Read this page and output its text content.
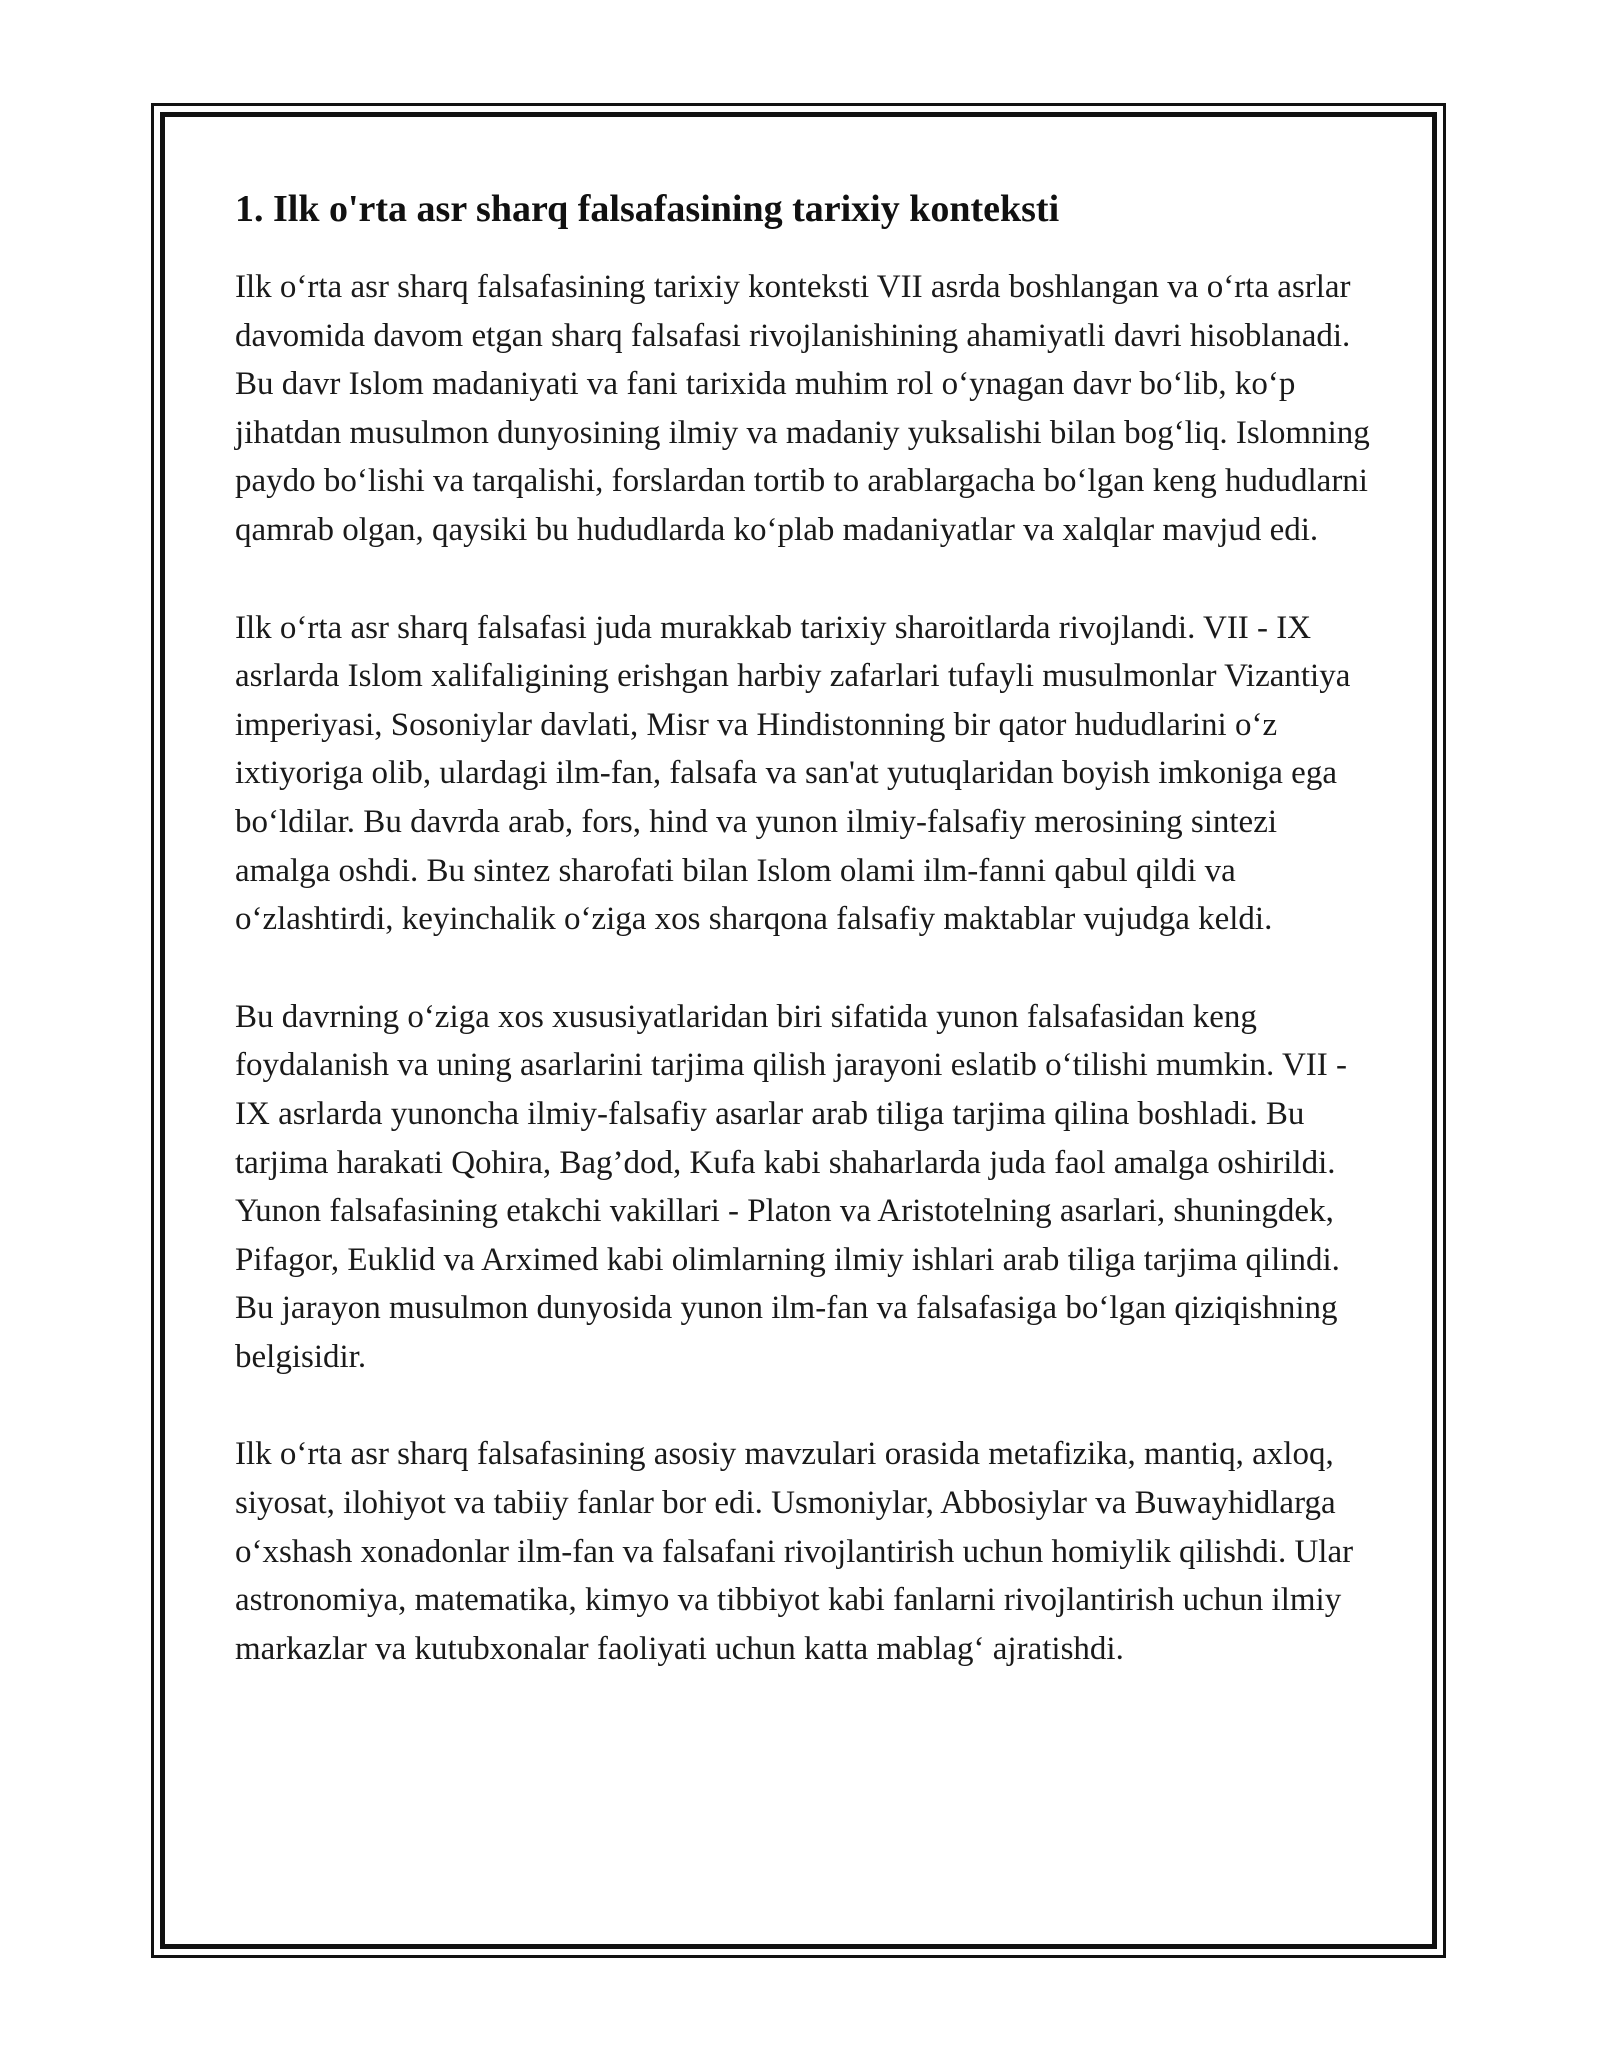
1. Ilk o'rta asr sharq falsafasining tarixiy konteksti

Ilk o‘rta asr sharq falsafasining tarixiy konteksti VII asrda boshlangan va o‘rta asrlar davomida davom etgan sharq falsafasi rivojlanishining ahamiyatli davri hisoblanadi. Bu davr Islom madaniyati va fani tarixida muhim rol o‘ynagan davr bo‘lib, ko‘p jihatdan musulmon dunyosining ilmiy va madaniy yuksalishi bilan bog‘liq. Islomning paydo bo‘lishi va tarqalishi, forslardan tortib to arablargacha bo‘lgan keng hududlarni qamrab olgan, qaysiki bu hududlarda ko‘plab madaniyatlar va xalqlar mavjud edi.

Ilk o‘rta asr sharq falsafasi juda murakkab tarixiy sharoitlarda rivojlandi. VII - IX asrlarda Islom xalifaligining erishgan harbiy zafarlari tufayli musulmonlar Vizantiya imperiyasi, Sosoniylar davlati, Misr va Hindistonning bir qator hududlarini o‘z ixtiyoriga olib, ulardagi ilm-fan, falsafa va san'at yutuqlaridan boyish imkoniga ega bo‘ldilar. Bu davrda arab, fors, hind va yunon ilmiy-falsafiy merosining sintezi amalga oshdi. Bu sintez sharofati bilan Islom olami ilm-fanni qabul qildi va o‘zlashtirdi, keyinchalik o‘ziga xos sharqona falsafiy maktablar vujudga keldi.

Bu davrning o‘ziga xos xususiyatlaridan biri sifatida yunon falsafasidan keng foydalanish va uning asarlarini tarjima qilish jarayoni eslatib o‘tilishi mumkin. VII - IX asrlarda yunoncha ilmiy-falsafiy asarlar arab tiliga tarjima qilina boshladi. Bu tarjima harakati Qohira, Bag’dod, Kufa kabi shaharlarda juda faol amalga oshirildi. Yunon falsafasining etakchi vakillari - Platon va Aristotelning asarlari, shuningdek, Pifagor, Euklid va Arximed kabi olimlarning ilmiy ishlari arab tiliga tarjima qilindi. Bu jarayon musulmon dunyosida yunon ilm-fan va falsafasiga bo‘lgan qiziqishning belgisidir.

Ilk o‘rta asr sharq falsafasining asosiy mavzulari orasida metafizika, mantiq, axloq, siyosat, ilohiyot va tabiiy fanlar bor edi. Usmoniylar, Abbosiylar va Buwayhidlarga o‘xshash xonadonlar ilm-fan va falsafani rivojlantirish uchun homiylik qilishdi. Ular astronomiya, matematika, kimyo va tibbiyot kabi fanlarni rivojlantirish uchun ilmiy markazlar va kutubxonalar faoliyati uchun katta mablag‘ ajratishdi.
